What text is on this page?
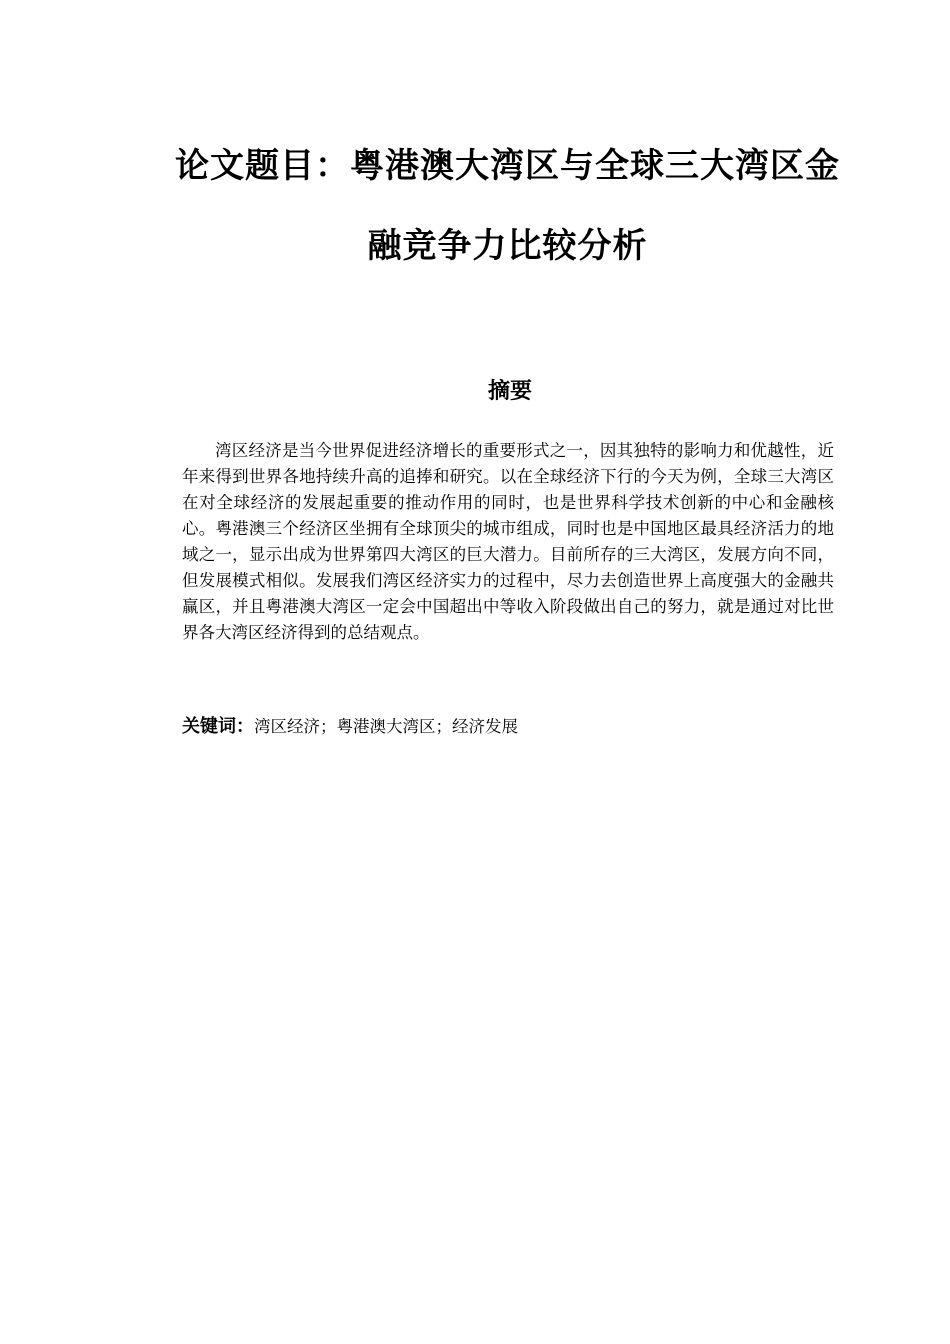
论文题目：粤港澳大湾区与全球三大湾区金
融竞争力比较分析
摘要

湾区经济是当今世界促进经济增长的重要形式之一，因其独特的影响力和优越性，近年来得到世界各地持续升高的追捧和研究。以在全球经济下行的今天为例，全球三大湾区在对全球经济的发展起重要的推动作用的同时，也是世界科学技术创新的中心和金融核心。粤港澳三个经济区坐拥有全球顶尖的城市组成，同时也是中国地区最具经济活力的地域之一，显示出成为世界第四大湾区的巨大潜力。目前所存的三大湾区，发展方向不同，但发展模式相似。发展我们湾区经济实力的过程中，尽力去创造世界上高度强大的金融共赢区，并且粤港澳大湾区一定会中国超出中等收入阶段做出自己的努力，就是通过对比世界各大湾区经济得到的总结观点。

关键词：湾区经济；粤港澳大湾区；经济发展
